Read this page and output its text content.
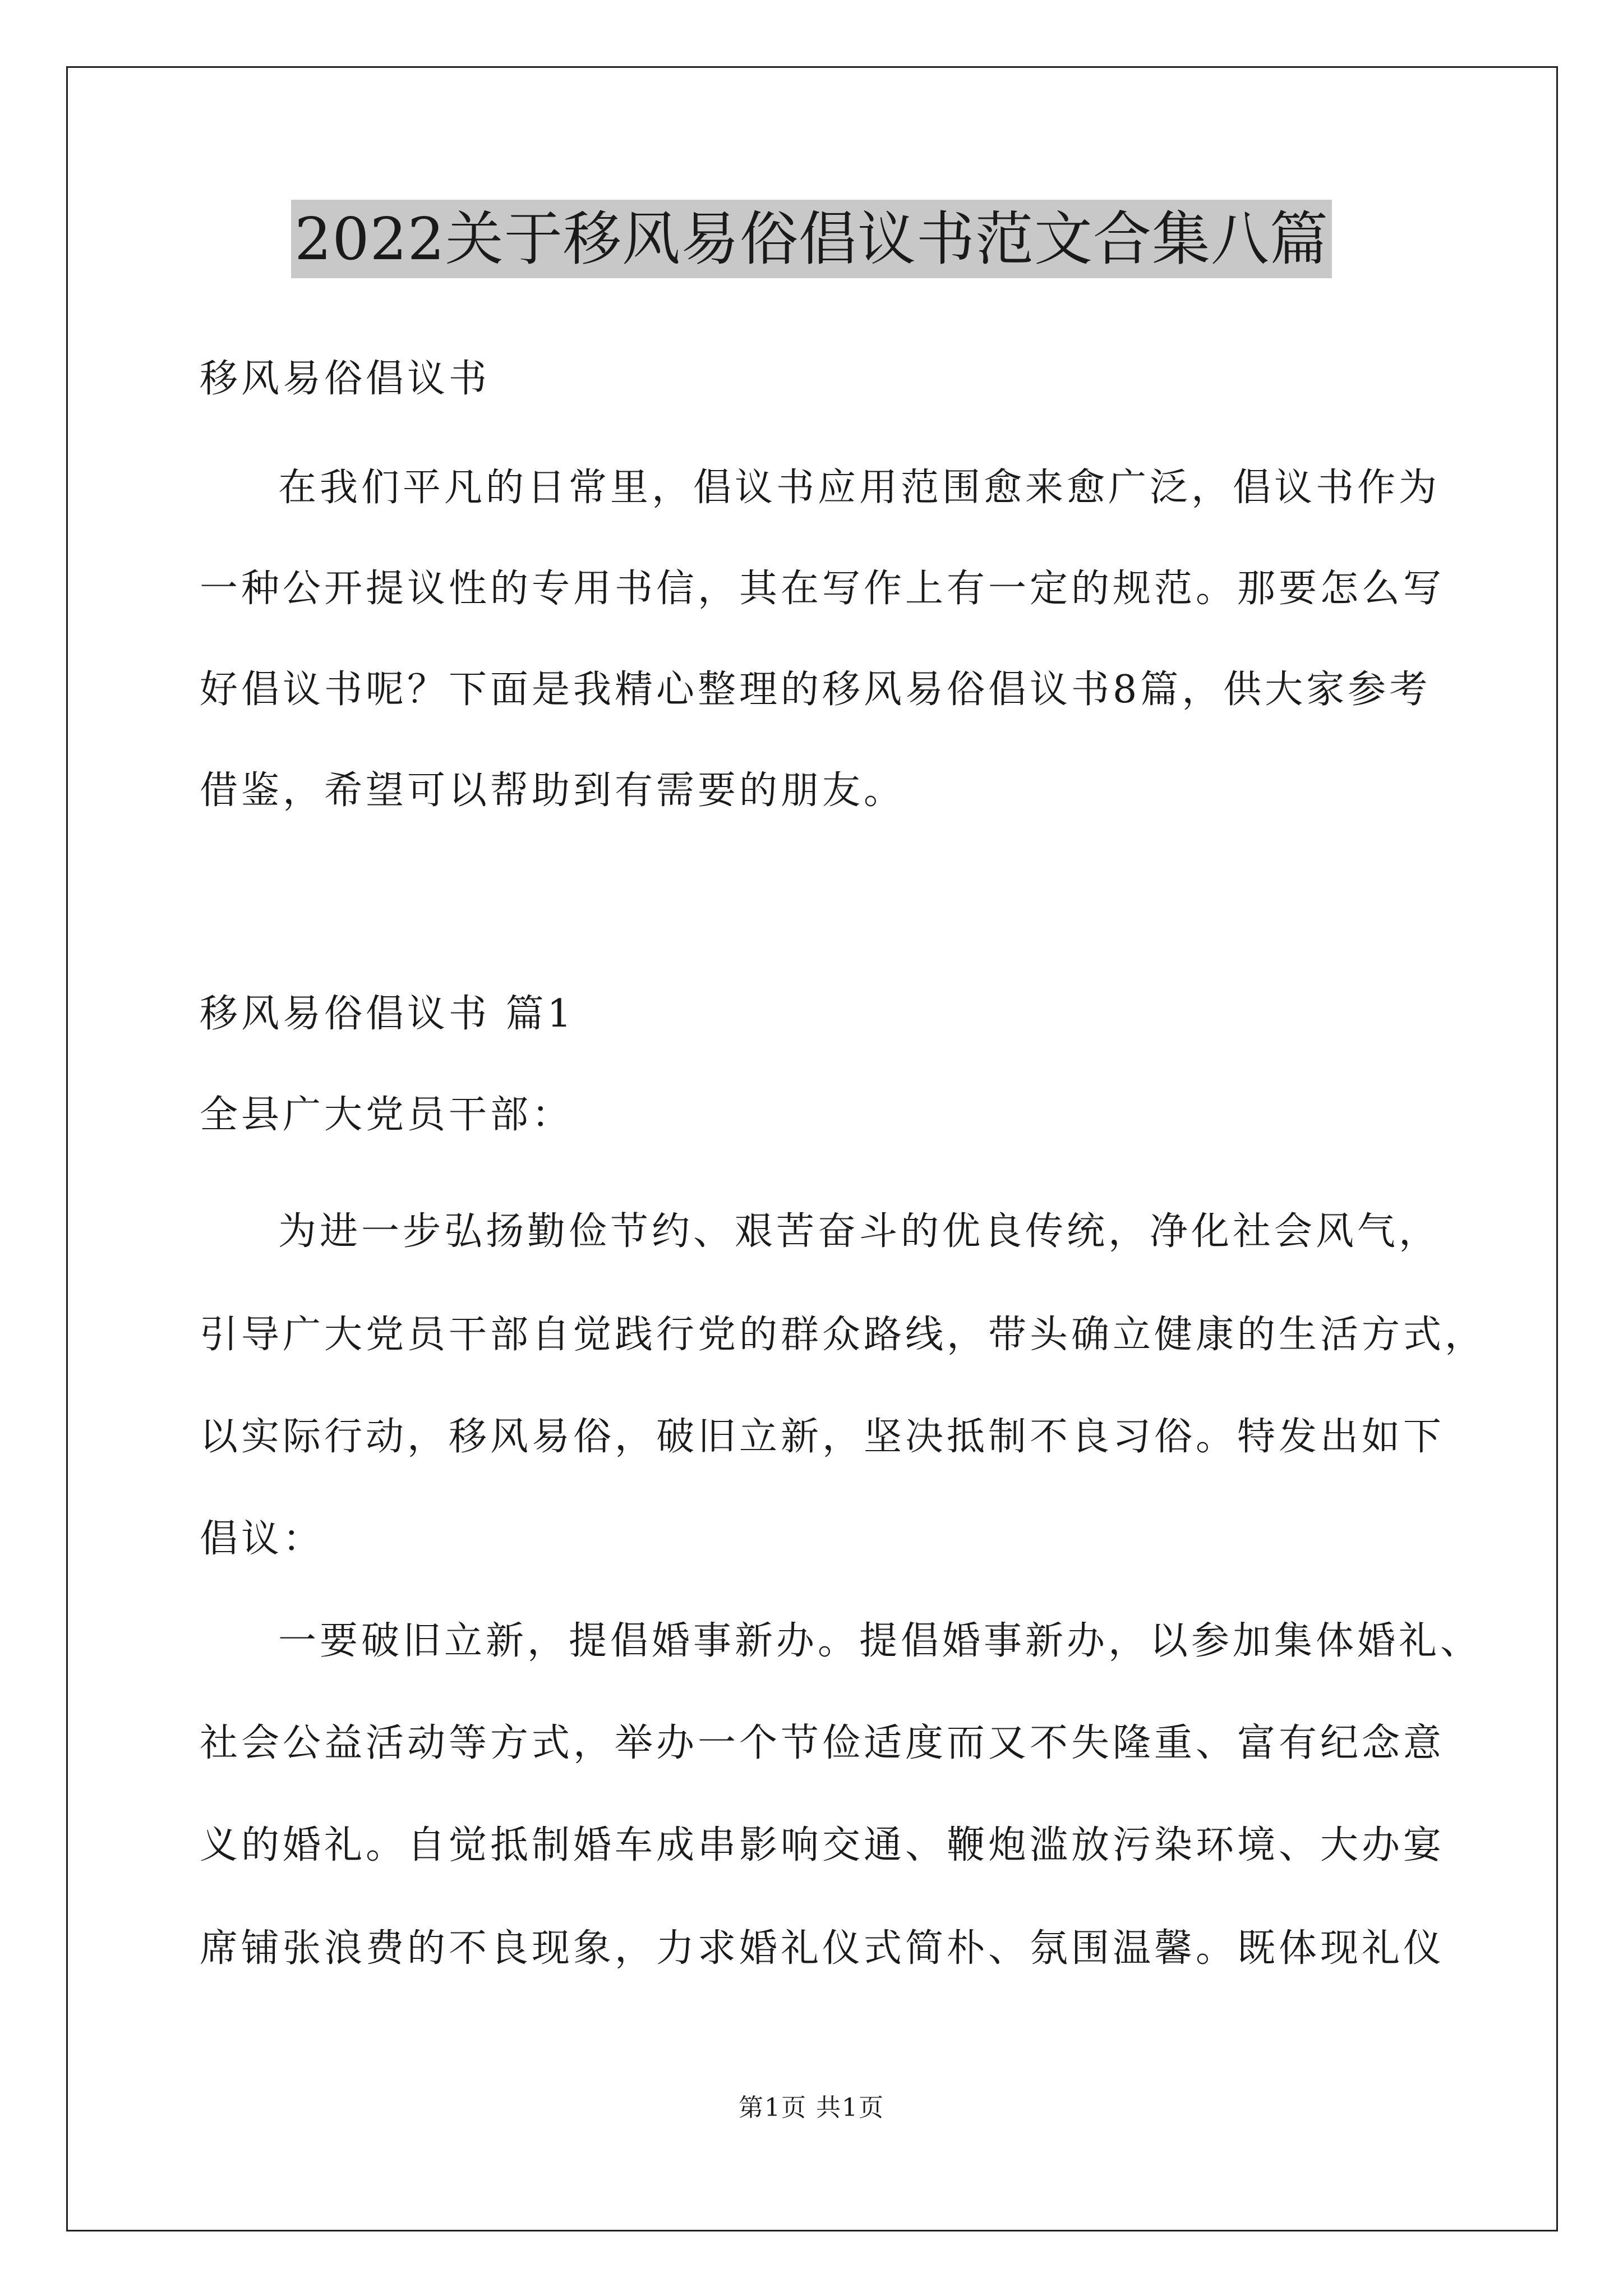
2022关于移风易俗倡议书范文合集八篇
移风易俗倡议书
在我们平凡的日常里，倡议书应用范围愈来愈广泛，倡议书作为
一种公开提议性的专用书信，其在写作上有一定的规范。那要怎么写
好倡议书呢？下面是我精心整理的移风易俗倡议书8篇，供大家参考
借鉴，希望可以帮助到有需要的朋友。
移风易俗倡议书 篇1
全县广大党员干部：
为进一步弘扬勤俭节约、艰苦奋斗的优良传统，净化社会风气，
引导广大党员干部自觉践行党的群众路线，带头确立健康的生活方式，
以实际行动，移风易俗，破旧立新，坚决抵制不良习俗。特发出如下
倡议：
一要破旧立新，提倡婚事新办。提倡婚事新办，以参加集体婚礼、
社会公益活动等方式，举办一个节俭适度而又不失隆重、富有纪念意
义的婚礼。自觉抵制婚车成串影响交通、鞭炮滥放污染环境、大办宴
席铺张浪费的不良现象，力求婚礼仪式简朴、氛围温馨。既体现礼仪
第1页 共1页
